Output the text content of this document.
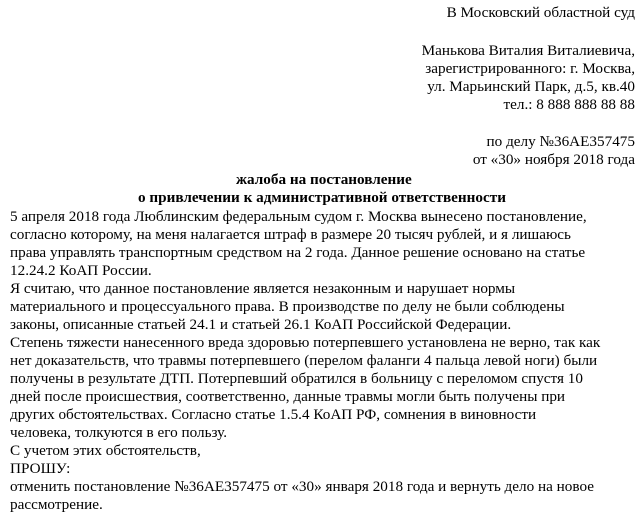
В Московский областной суд
Манькова Виталия Виталиевича,
зарегистрированного: г. Москва,
ул. Марьинский Парк, д.5, кв.40
тел.: 8 888 888 88 88
по делу №36АЕ357475
от «30» ноября 2018 года
жалоба на постановление
о привлечении к административной ответственности
5 апреля 2018 года Люблинским федеральным судом г. Москва вынесено постановление,
согласно которому, на меня налагается штраф в размере 20 тысяч рублей, и я лишаюсь
права управлять транспортным средством на 2 года. Данное решение основано на статье
12.24.2 КоАП России.
Я считаю, что данное постановление является незаконным и нарушает нормы
материального и процессуального права. В производстве по делу не были соблюдены
законы, описанные статьей 24.1 и статьей 26.1 КоАП Российской Федерации.
Степень тяжести нанесенного вреда здоровью потерпевшего установлена не верно, так как
нет доказательств, что травмы потерпевшего (перелом фаланги 4 пальца левой ноги) были
получены в результате ДТП. Потерпевший обратился в больницу с переломом спустя 10
дней после происшествия, соответственно, данные травмы могли быть получены при
других обстоятельствах. Согласно статье 1.5.4 КоАП РФ, сомнения в виновности
человека, толкуются в его пользу.
С учетом этих обстоятельств,
ПРОШУ:
отменить постановление №36АЕ357475 от «30» января 2018 года и вернуть дело на новое
рассмотрение.
